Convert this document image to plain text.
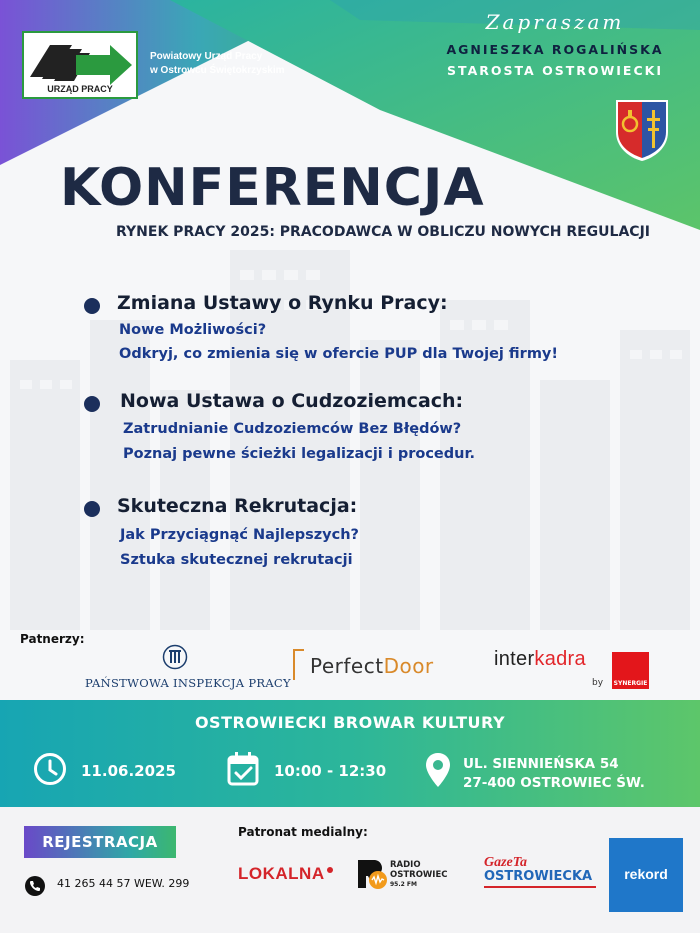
URZĄD PRACY
Powiatowy Urząd Pracy
w Ostrowcu Świętokrzyskim
Zapraszam
AGNIESZKA ROGALIŃSKA
STAROSTA OSTROWIECKI
KONFERENCJA
RYNEK PRACY 2025: PRACODAWCA W OBLICZU NOWYCH REGULACJI
Zmiana Ustawy o Rynku Pracy:
Nowe Możliwości?
Odkryj, co zmienia się w ofercie PUP dla Twojej firmy!
Nowa Ustawa o Cudzoziemcach:
Zatrudnianie Cudzoziemców Bez Błędów?
Poznaj pewne ścieżki legalizacji i procedur.
Skuteczna Rekrutacja:
Jak Przyciągnąć Najlepszych?
Sztuka skutecznej rekrutacji
Patnerzy:
PAŃSTWOWA INSPEKCJA PRACY
PerfectDoor	interkadra
by SYNERGIE
OSTROWIECKI BROWAR KULTURY
11.06.2025	10:00 - 12:30	UL. SIENNIEŃSKA 54
27-400 OSTROWIEC ŚW.
REJESTRACJA
41 265 44 57 WEW. 299
Patronat medialny:
LOKALNA	RADIO
OSTROWIEC
95.2 FM
GazeTa
OSTROWIECKA	rekord
